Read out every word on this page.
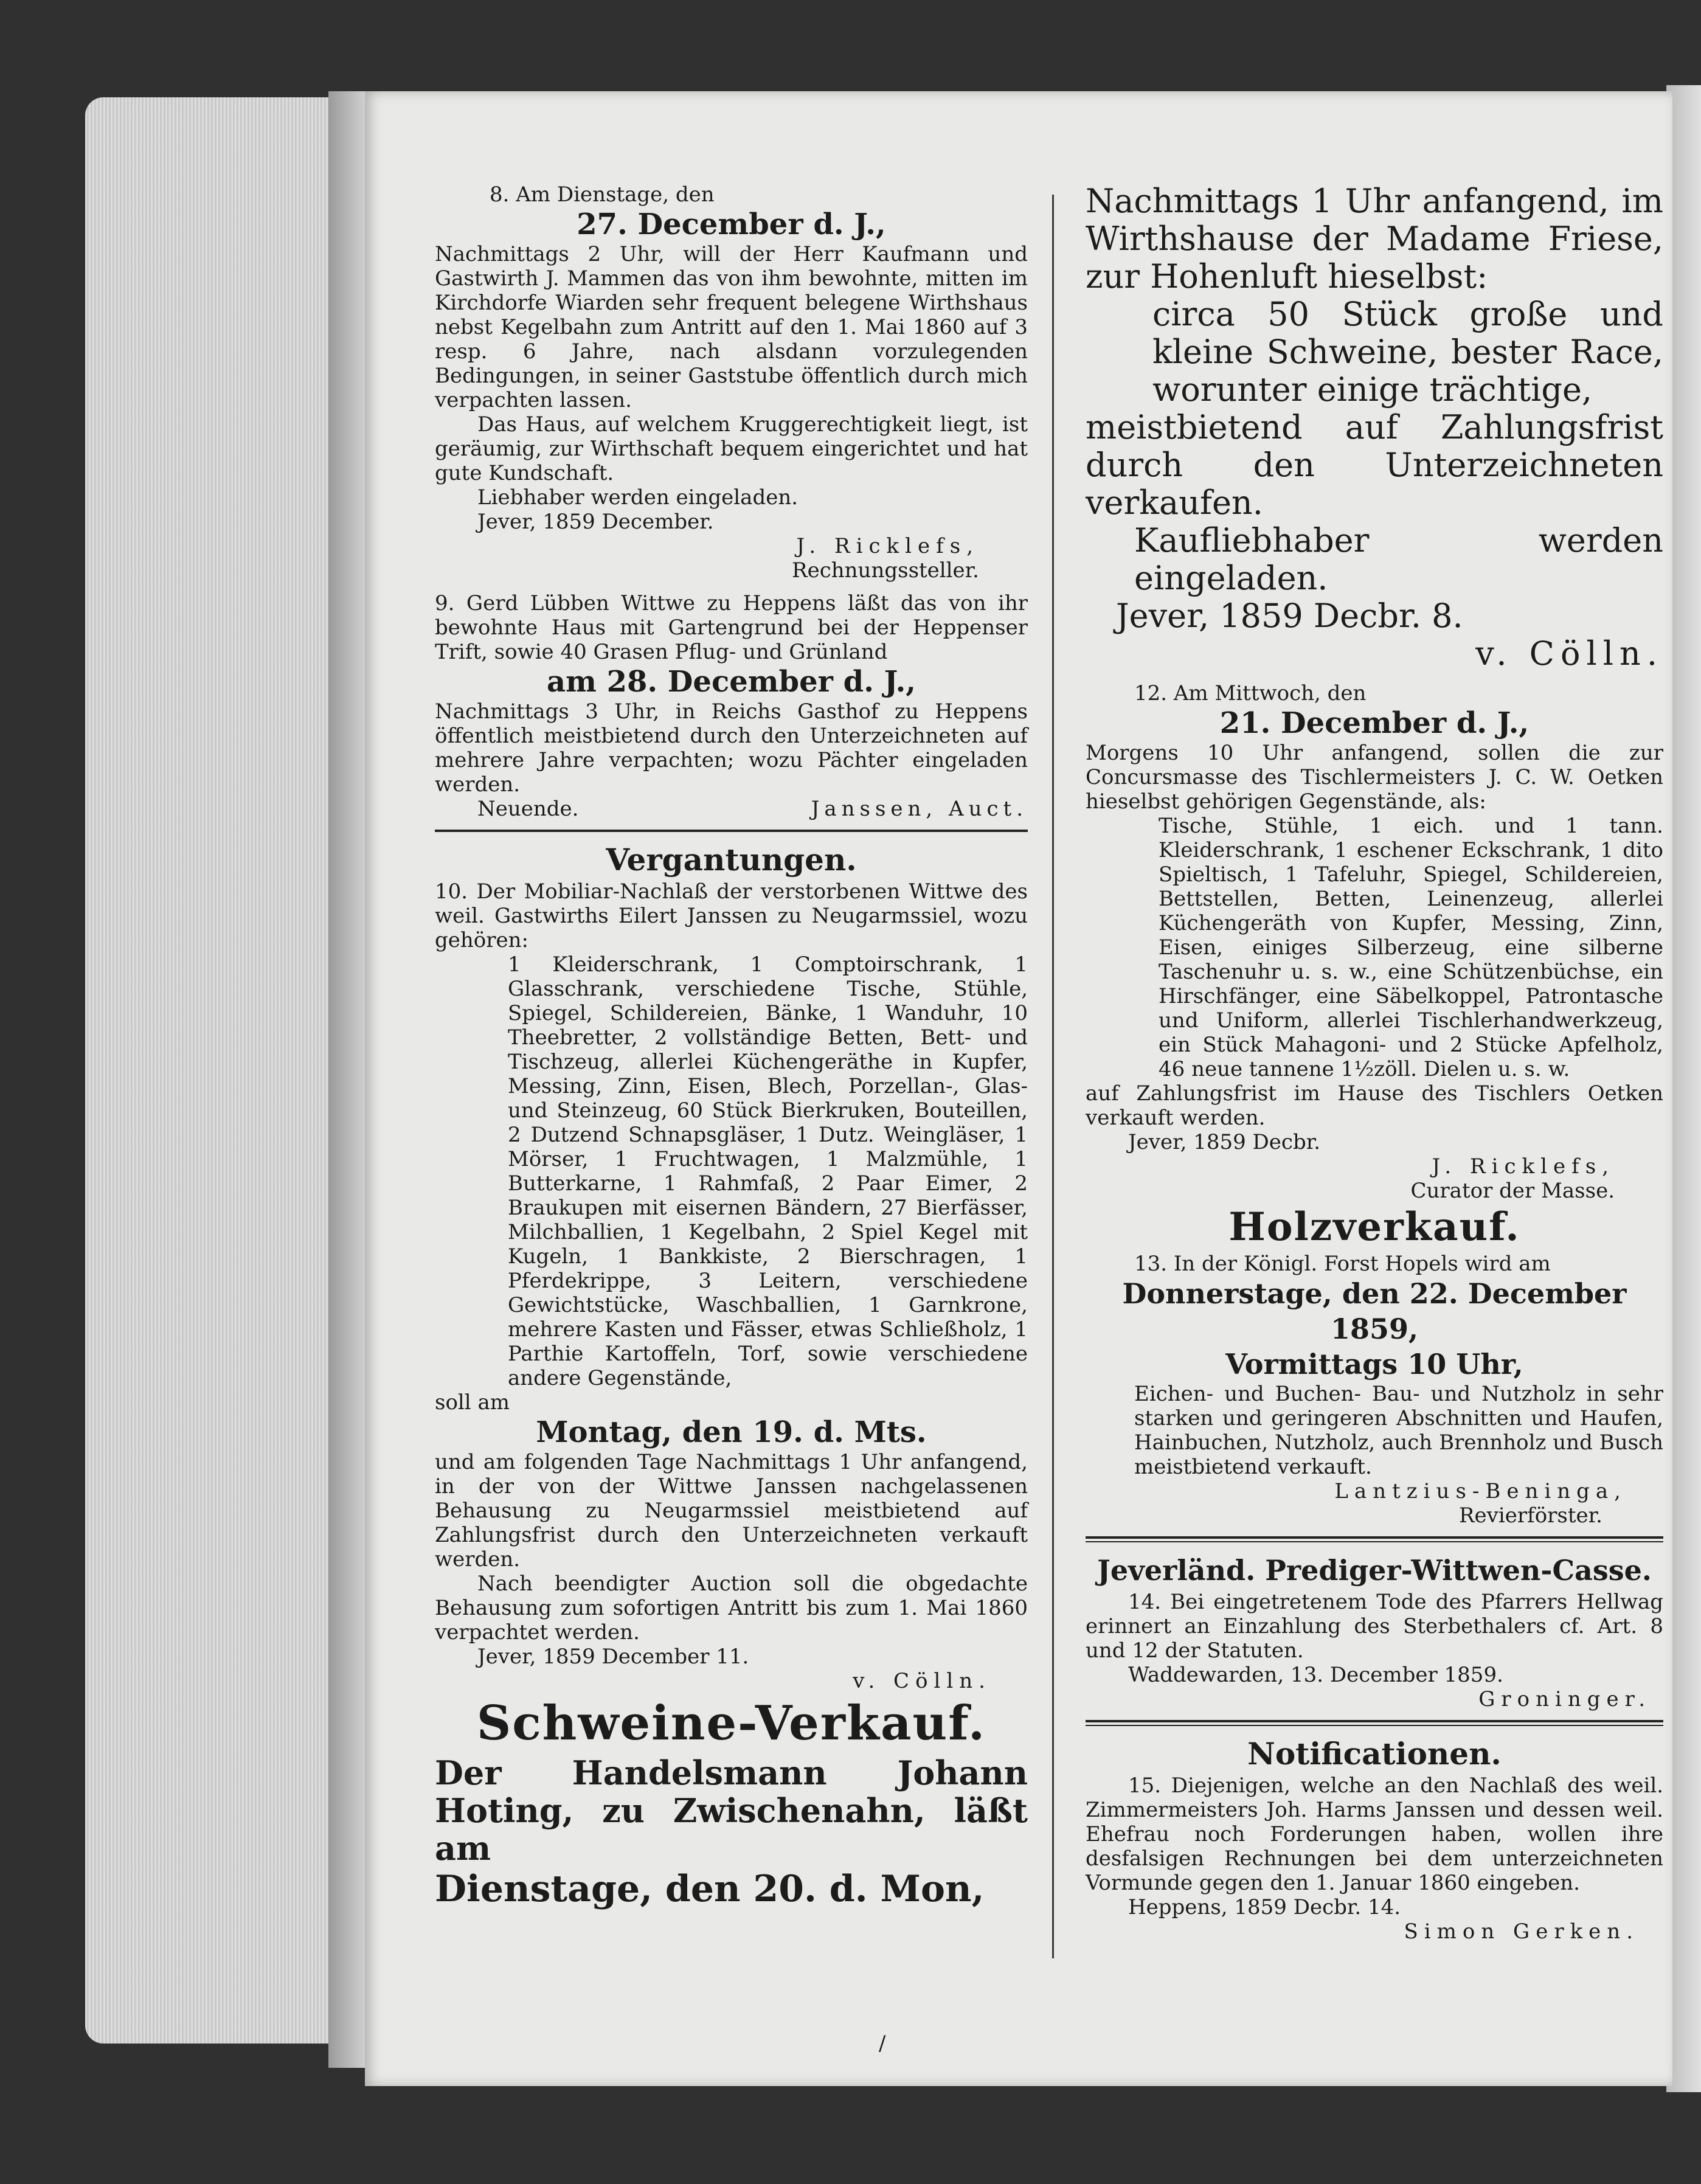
8. Am Dienstage, den

27. December d. J.,

Nachmittags 2 Uhr, will der Herr Kaufmann und Gastwirth J. Mammen das von ihm bewohnte, mitten im Kirchdorfe Wiarden sehr frequent belegene Wirthshaus nebst Kegelbahn zum Antritt auf den 1. Mai 1860 auf 3 resp. 6 Jahre, nach alsdann vorzulegenden Bedingungen, in seiner Gaststube öffentlich durch mich verpachten lassen.

Das Haus, auf welchem Kruggerechtigkeit liegt, ist geräumig, zur Wirthschaft bequem eingerichtet und hat gute Kundschaft.

Liebhaber werden eingeladen.

Jever, 1859 December.

J. Ricklefs,

Rechnungssteller.

9. Gerd Lübben Wittwe zu Heppens läßt das von ihr bewohnte Haus mit Gartengrund bei der Heppenser Trift, sowie 40 Grasen Pflug- und Grünland

am 28. December d. J.,

Nachmittags 3 Uhr, in Reichs Gasthof zu Heppens öffentlich meistbietend durch den Unterzeichneten auf mehrere Jahre verpachten; wozu Pächter eingeladen werden.

Neuende.	Janssen, Auct.

Vergantungen.

10. Der Mobiliar-Nachlaß der verstorbenen Wittwe des weil. Gastwirths Eilert Janssen zu Neugarmssiel, wozu gehören:

1 Kleiderschrank, 1 Comptoirschrank, 1 Glasschrank, verschiedene Tische, Stühle, Spiegel, Schildereien, Bänke, 1 Wanduhr, 10 Theebretter, 2 vollständige Betten, Bett- und Tischzeug, allerlei Küchengeräthe in Kupfer, Messing, Zinn, Eisen, Blech, Porzellan-, Glas- und Steinzeug, 60 Stück Bierkruken, Bouteillen, 2 Dutzend Schnapsgläser, 1 Dutz. Weingläser, 1 Mörser, 1 Fruchtwagen, 1 Malzmühle, 1 Butterkarne, 1 Rahmfaß, 2 Paar Eimer, 2 Braukupen mit eisernen Bändern, 27 Bierfässer, Milchballien, 1 Kegelbahn, 2 Spiel Kegel mit Kugeln, 1 Bankkiste, 2 Bierschragen, 1 Pferdekrippe, 3 Leitern, verschiedene Gewichtstücke, Waschballien, 1 Garnkrone, mehrere Kasten und Fässer, etwas Schließholz, 1 Parthie Kartoffeln, Torf, sowie verschiedene andere Gegenstände,

soll am

Montag, den 19. d. Mts.

und am folgenden Tage Nachmittags 1 Uhr anfangend, in der von der Wittwe Janssen nachgelassenen Behausung zu Neugarmssiel meistbietend auf Zahlungsfrist durch den Unterzeichneten verkauft werden.

Nach beendigter Auction soll die obgedachte Behausung zum sofortigen Antritt bis zum 1. Mai 1860 verpachtet werden.

Jever, 1859 December 11.

v. Cölln.

Schweine-Verkauf.

Der Handelsmann Johann Hoting, zu Zwischenahn, läßt am

Dienstage, den 20. d. Mon,

Nachmittags 1 Uhr anfangend, im Wirthshause der Madame Friese, zur Hohenluft hieselbst:

circa 50 Stück große und kleine Schweine, bester Race, worunter einige trächtige,

meistbietend auf Zahlungsfrist durch den Unterzeichneten verkaufen.

Kaufliebhaber werden eingeladen.

Jever, 1859 Decbr. 8.

v. Cölln.

12. Am Mittwoch, den

21. December d. J.,

Morgens 10 Uhr anfangend, sollen die zur Concursmasse des Tischlermeisters J. C. W. Oetken hieselbst gehörigen Gegenstände, als:

Tische, Stühle, 1 eich. und 1 tann. Kleiderschrank, 1 eschener Eckschrank, 1 dito Spieltisch, 1 Tafeluhr, Spiegel, Schildereien, Bettstellen, Betten, Leinenzeug, allerlei Küchengeräth von Kupfer, Messing, Zinn, Eisen, einiges Silberzeug, eine silberne Taschenuhr u. s. w., eine Schützenbüchse, ein Hirschfänger, eine Säbelkoppel, Patrontasche und Uniform, allerlei Tischlerhandwerkzeug, ein Stück Mahagoni- und 2 Stücke Apfelholz, 46 neue tannene 1½zöll. Dielen u. s. w.

auf Zahlungsfrist im Hause des Tischlers Oetken verkauft werden.

Jever, 1859 Decbr.

J. Ricklefs,

Curator der Masse.

Holzverkauf.

13. In der Königl. Forst Hopels wird am

Donnerstage, den 22. December 1859,

Vormittags 10 Uhr,

Eichen- und Buchen- Bau- und Nutzholz in sehr starken und geringeren Abschnitten und Haufen, Hainbuchen, Nutzholz, auch Brennholz und Busch meistbietend verkauft.

Lantzius-Beninga,

Revierförster.

Jeverländ. Prediger-Wittwen-Casse.

14. Bei eingetretenem Tode des Pfarrers Hellwag erinnert an Einzahlung des Sterbethalers cf. Art. 8 und 12 der Statuten.

Waddewarden, 13. December 1859.

Groninger.

Notificationen.

15. Diejenigen, welche an den Nachlaß des weil. Zimmermeisters Joh. Harms Janssen und dessen weil. Ehefrau noch Forderungen haben, wollen ihre desfalsigen Rechnungen bei dem unterzeichneten Vormunde gegen den 1. Januar 1860 eingeben.

Heppens, 1859 Decbr. 14.

Simon Gerken.

/
